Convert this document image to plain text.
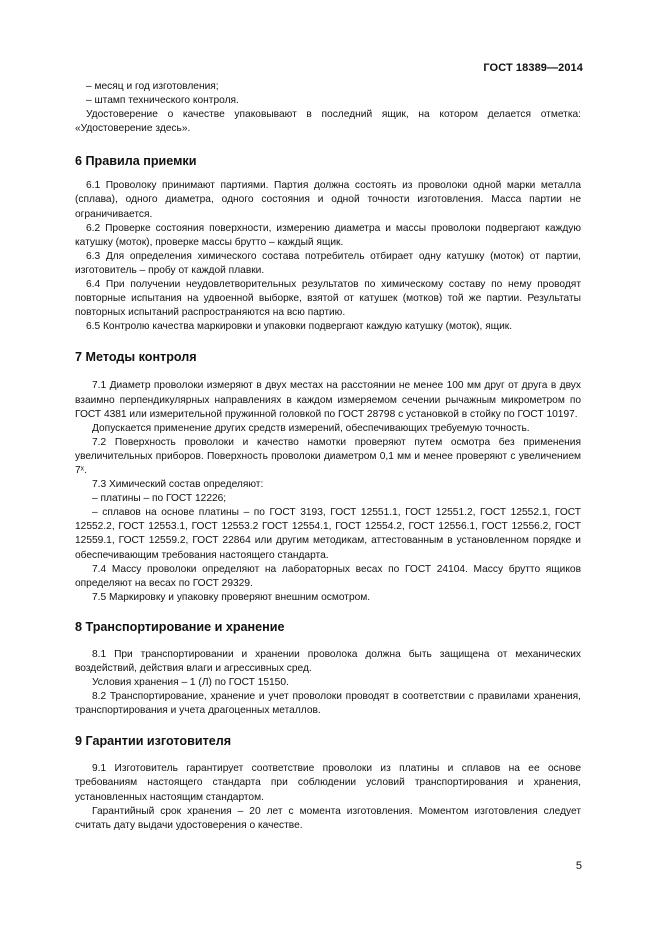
ГОСТ 18389—2014

– месяц и год изготовления;

– штамп технического контроля.

Удостоверение о качестве упаковывают в последний ящик, на котором делается отметка: «Удостоверение здесь».

6 Правила приемки

6.1 Проволоку принимают партиями. Партия должна состоять из проволоки одной марки металла (сплава), одного диаметра, одного состояния и одной точности изготовления. Масса партии не ограничивается.

6.2 Проверке состояния поверхности, измерению диаметра и массы проволоки подвергают каждую катушку (моток), проверке массы брутто – каждый ящик.

6.3 Для определения химического состава потребитель отбирает одну катушку (моток) от партии, изготовитель – пробу от каждой плавки.

6.4 При получении неудовлетворительных результатов по химическому составу по нему проводят повторные испытания на удвоенной выборке, взятой от катушек (мотков) той же партии. Результаты повторных испытаний распространяются на всю партию.

6.5 Контролю качества маркировки и упаковки подвергают каждую катушку (моток), ящик.

7 Методы контроля

7.1 Диаметр проволоки измеряют в двух местах на расстоянии не менее 100 мм друг от друга в двух взаимно перпендикулярных направлениях в каждом измеряемом сечении рычажным микрометром по ГОСТ 4381 или измерительной пружинной головкой по ГОСТ 28798 с установкой в стойку по ГОСТ 10197.

Допускается применение других средств измерений, обеспечивающих требуемую точность.

7.2 Поверхность проволоки и качество намотки проверяют путем осмотра без применения увеличительных приборов. Поверхность проволоки диаметром 0,1 мм и менее проверяют с увеличением 7ˣ.

7.3 Химический состав определяют:

– платины – по ГОСТ 12226;

– сплавов на основе платины – по ГОСТ 3193, ГОСТ 12551.1, ГОСТ 12551.2, ГОСТ 12552.1, ГОСТ 12552.2, ГОСТ 12553.1, ГОСТ 12553.2 ГОСТ 12554.1, ГОСТ 12554.2, ГОСТ 12556.1, ГОСТ 12556.2, ГОСТ 12559.1, ГОСТ 12559.2, ГОСТ 22864 или другим методикам, аттестованным в установленном порядке и обеспечивающим требования настоящего стандарта.

7.4 Массу проволоки определяют на лабораторных весах по ГОСТ 24104. Массу брутто ящиков определяют на весах по ГОСТ 29329.

7.5 Маркировку и упаковку проверяют внешним осмотром.

8 Транспортирование и хранение

8.1 При транспортировании и хранении проволока должна быть защищена от механических воздействий, действия влаги и агрессивных сред.

Условия хранения – 1 (Л) по ГОСТ 15150.

8.2 Транспортирование, хранение и учет проволоки проводят в соответствии с правилами хранения, транспортирования и учета драгоценных металлов.

9 Гарантии изготовителя

9.1 Изготовитель гарантирует соответствие проволоки из платины и сплавов на ее основе требованиям настоящего стандарта при соблюдении условий транспортирования и хранения, установленных настоящим стандартом.

Гарантийный срок хранения – 20 лет с момента изготовления. Моментом изготовления следует считать дату выдачи удостоверения о качестве.

5
